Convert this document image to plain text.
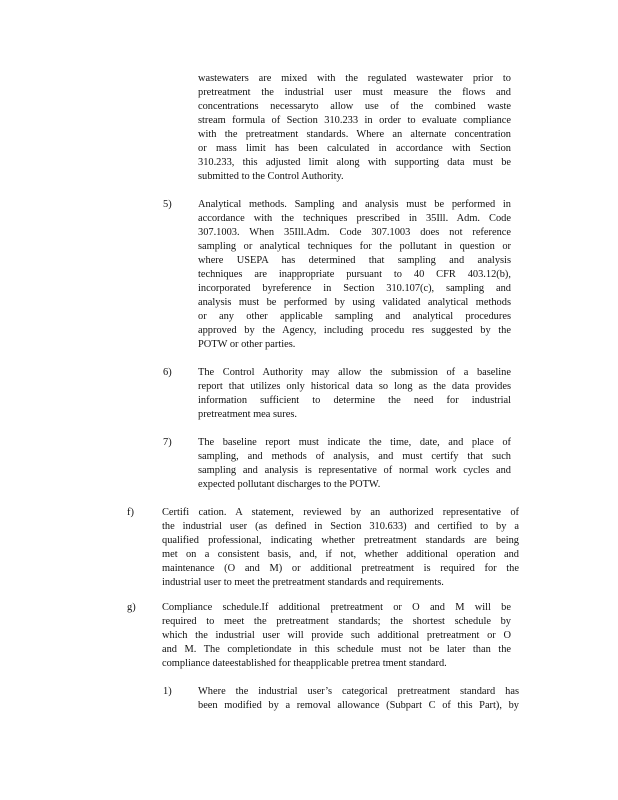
wastewaters are mixed with the regulated wastewater prior to
pretreatment the industrial user must measure the flows and
concentrations necessaryto allow use of the combined waste
stream formula of Section 310.233 in order to evaluate compliance
with the pretreatment standards. Where an alternate concentration
or mass limit has been calculated in accordance with Section
310.233, this adjusted limit along with supporting data must be
submitted to the Control Authority.
5)	Analytical methods. Sampling and analysis must be performed in
accordance with the techniques prescribed in 35Ill. Adm. Code
307.1003. When 35Ill.Adm. Code 307.1003 does not reference
sampling or analytical techniques for the pollutant in question or
where USEPA has determined that sampling and analysis
techniques are inappropriate pursuant to 40 CFR 403.12(b),
incorporated byreference in Section 310.107(c), sampling and
analysis must be performed by using validated analytical methods
or any other applicable sampling and analytical procedures
approved by the Agency, including procedu res suggested by the
POTW or other parties.
6)	The Control Authority may allow the submission of a baseline
report that utilizes only historical data so long as the data provides
information sufficient to determine the need for industrial
pretreatment mea sures.
7)	The baseline report must indicate the time, date, and place of
sampling, and methods of analysis, and must certify that such
sampling and analysis is representative of normal work cycles and
expected pollutant discharges to the POTW.
f)	Certifi cation. A statement, reviewed by an authorized representative of
the industrial user (as defined in Section 310.633) and certified to by a
qualified professional, indicating whether pretreatment standards are being
met on a consistent basis, and, if not, whether additional operation and
maintenance (O and M) or additional pretreatment is required for the
industrial user to meet the pretreatment standards and requirements.
g)	Compliance schedule.If additional pretreatment or O and M will be
required to meet the pretreatment standards; the shortest schedule by
which the industrial user will provide such additional pretreatment or O
and M. The completiondate in this schedule must not be later than the
compliance dateestablished for theapplicable pretrea tment standard.
1)	Where the industrial user’s categorical pretreatment standard has
been modified by a removal allowance (Subpart C of this Part), by
